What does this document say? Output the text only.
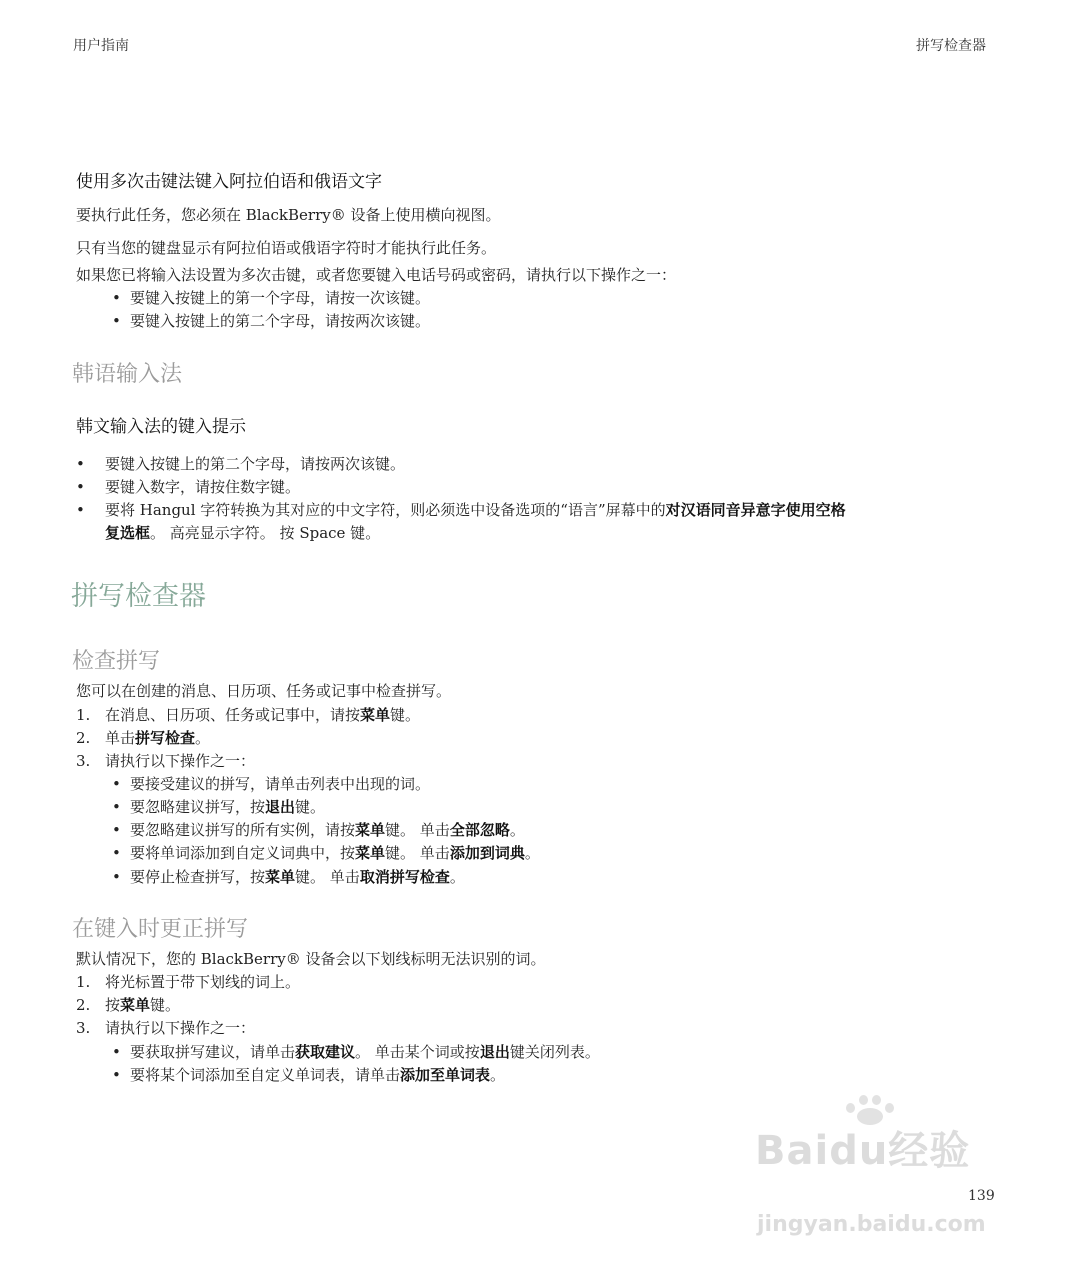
用户指南	拼写检查器
使用多次击键法键入阿拉伯语和俄语文字
要执行此任务，您必须在 BlackBerry® 设备上使用横向视图。
只有当您的键盘显示有阿拉伯语或俄语字符时才能执行此任务。
如果您已将输入法设置为多次击键，或者您要键入电话号码或密码，请执行以下操作之一：
• 要键入按键上的第一个字母，请按一次该键。
• 要键入按键上的第二个字母，请按两次该键。
韩语输入法
韩文输入法的键入提示
• 要键入按键上的第二个字母，请按两次该键。
• 要键入数字，请按住数字键。
• 要将 Hangul 字符转换为其对应的中文字符，则必须选中设备选项的“语言”屏幕中的对汉语同音异意字使用空格
复选框。 高亮显示字符。 按 Space 键。
拼写检查器
检查拼写
您可以在创建的消息、日历项、任务或记事中检查拼写。
1. 在消息、日历项、任务或记事中，请按菜单键。
2. 单击拼写检查。
3. 请执行以下操作之一：
• 要接受建议的拼写，请单击列表中出现的词。
• 要忽略建议拼写，按退出键。
• 要忽略建议拼写的所有实例，请按菜单键。 单击全部忽略。
• 要将单词添加到自定义词典中，按菜单键。 单击添加到词典。
• 要停止检查拼写，按菜单键。 单击取消拼写检查。
在键入时更正拼写
默认情况下，您的 BlackBerry® 设备会以下划线标明无法识别的词。
1. 将光标置于带下划线的词上。
2. 按菜单键。
3. 请执行以下操作之一：
• 要获取拼写建议，请单击获取建议。 单击某个词或按退出键关闭列表。
• 要将某个词添加至自定义单词表，请单击添加至单词表。
Baidu经验
jingyan.baidu.com
139
